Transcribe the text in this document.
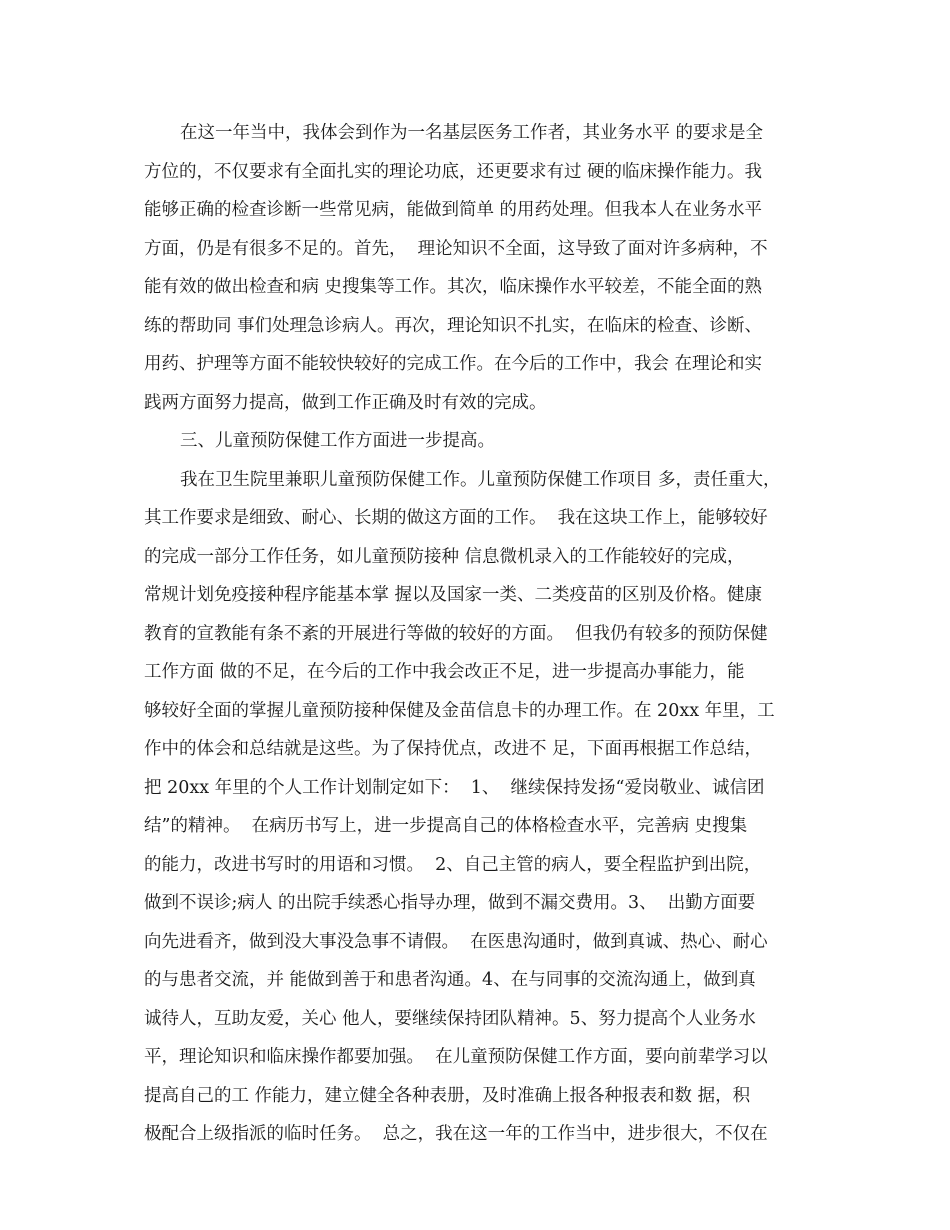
在这一年当中，我体会到作为一名基层医务工作者，其业务水平 的要求是全
方位的，不仅要求有全面扎实的理论功底，还更要求有过 硬的临床操作能力。我
能够正确的检查诊断一些常见病，能做到简单 的用药处理。但我本人在业务水平
方面，仍是有很多不足的。首先，  理论知识不全面，这导致了面对许多病种，不
能有效的做出检查和病 史搜集等工作。其次，临床操作水平较差，不能全面的熟
练的帮助同 事们处理急诊病人。再次，理论知识不扎实，在临床的检查、诊断、
用药、护理等方面不能较快较好的完成工作。在今后的工作中，我会 在理论和实
践两方面努力提高，做到工作正确及时有效的完成。
三、儿童预防保健工作方面进一步提高。
我在卫生院里兼职儿童预防保健工作。儿童预防保健工作项目 多，责任重大，
其工作要求是细致、耐心、长期的做这方面的工作。  我在这块工作上，能够较好
的完成一部分工作任务，如儿童预防接种 信息微机录入的工作能较好的完成，
常规计划免疫接种程序能基本掌 握以及国家一类、二类疫苗的区别及价格。健康
教育的宣教能有条不紊的开展进行等做的较好的方面。  但我仍有较多的预防保健
工作方面 做的不足，在今后的工作中我会改正不足，进一步提高办事能力，能
够较好全面的掌握儿童预防接种保健及金苗信息卡的办理工作。在 20xx 年里，工
作中的体会和总结就是这些。为了保持优点，改进不 足，下面再根据工作总结，
把 20xx 年里的个人工作计划制定如下：  1、  继续保持发扬“爱岗敬业、诚信团
结”的精神。  在病历书写上，进一步提高自己的体格检查水平，完善病 史搜集
的能力，改进书写时的用语和习惯。  2、自己主管的病人，要全程监护到出院，
做到不误诊;病人 的出院手续悉心指导办理，做到不漏交费用。3、  出勤方面要
向先进看齐，做到没大事没急事不请假。  在医患沟通时，做到真诚、热心、耐心
的与患者交流，并 能做到善于和患者沟通。4、在与同事的交流沟通上，做到真
诚待人，互助友爱，关心 他人，要继续保持团队精神。5、努力提高个人业务水
平，理论知识和临床操作都要加强。  在儿童预防保健工作方面，要向前辈学习以
提高自己的工 作能力，建立健全各种表册，及时准确上报各种报表和数 据，积
极配合上级指派的临时任务。  总之，我在这一年的工作当中，进步很大，不仅在
